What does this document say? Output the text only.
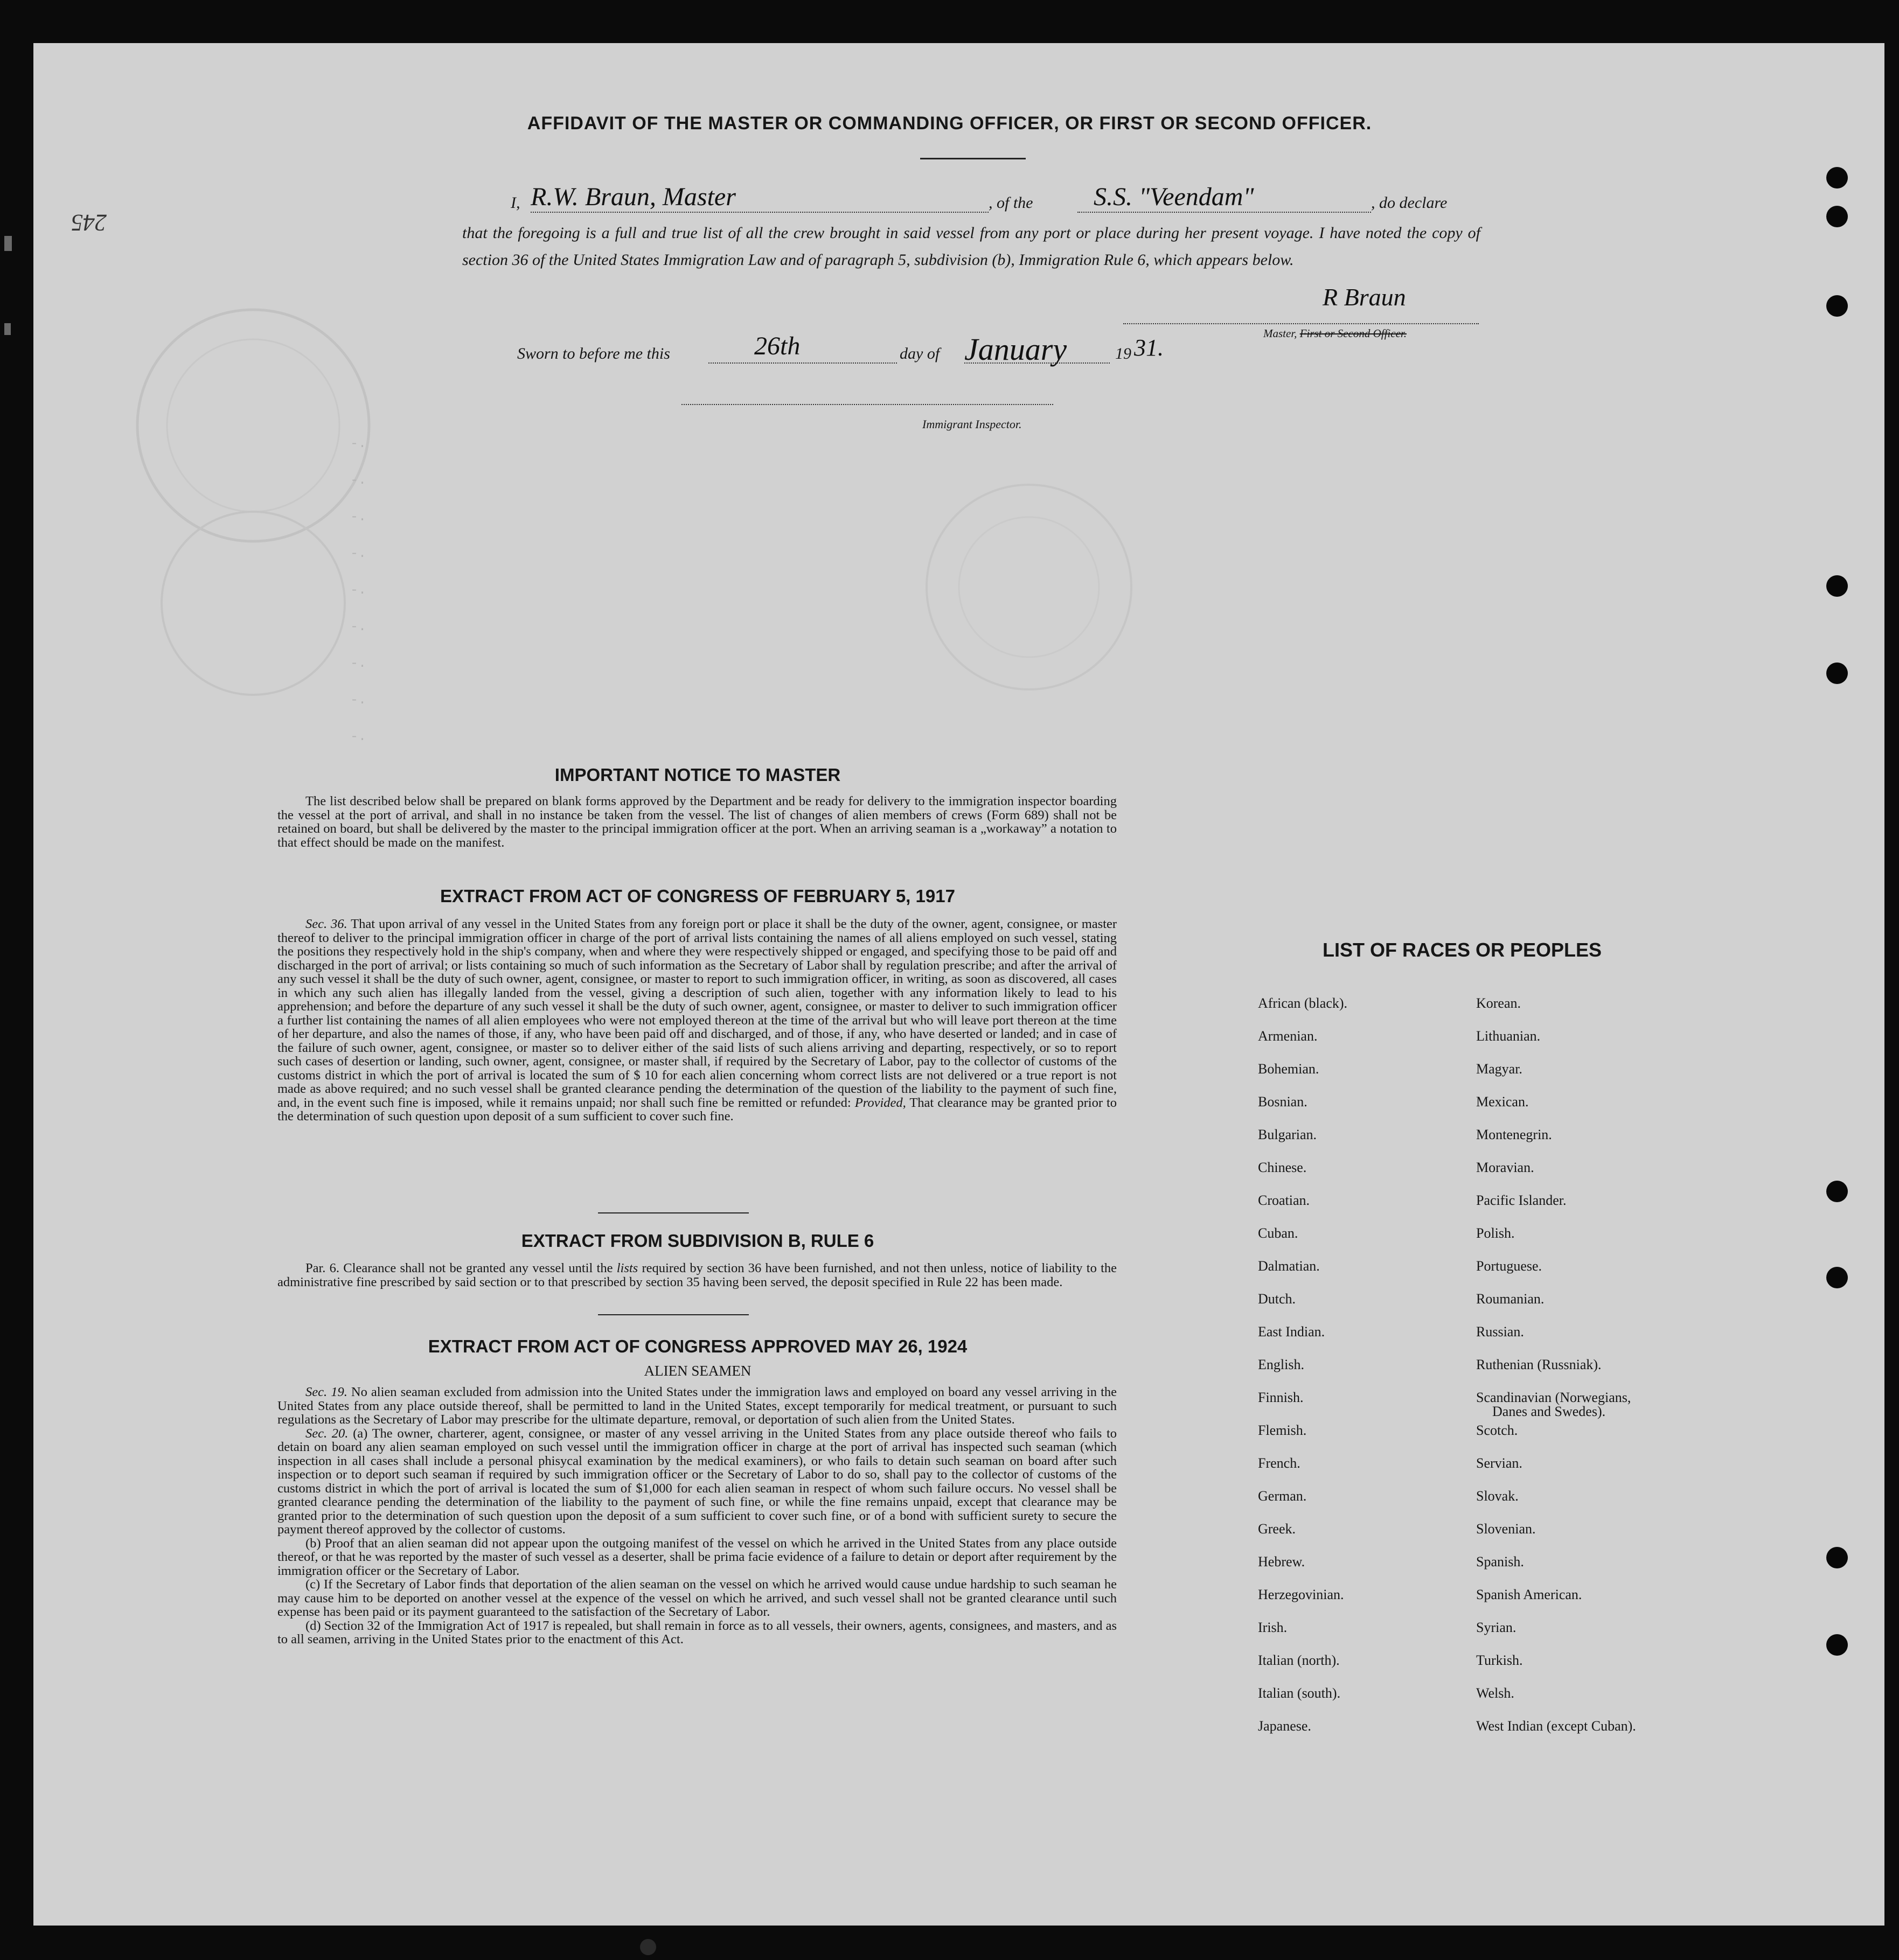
-.
-.
-.
-.
-.
-.
-.
-.
-.

AFFIDAVIT OF THE MASTER OR COMMANDING OFFICER, OR FIRST OR SECOND OFFICER.
I, R.W. Braun, Master	, of the S.S. "Veendam"	, do declare
that the foregoing is a full and true list of all the crew brought in said vessel from any port or place during her present voyage. I have noted the copy of section 36 of the United States Immigration Law and of paragraph 5, subdivision (b), Immigration Rule 6, which appears below.
R Braun
Master, First or Second Officer.
Sworn to before me this	26th	day of January	19 31.
Immigrant Inspector.
245
IMPORTANT NOTICE TO MASTER

The list described below shall be prepared on blank forms approved by the Department and be ready for delivery to the immigration inspector boarding the vessel at the port of arrival, and shall in no instance be taken from the vessel. The list of changes of alien members of crews (Form 689) shall not be retained on board, but shall be delivered by the master to the principal immigration officer at the port. When an arriving seaman is a „workaway” a notation to that effect should be made on the manifest.

EXTRACT FROM ACT OF CONGRESS OF FEBRUARY 5, 1917

Sec. 36. That upon arrival of any vessel in the United States from any foreign port or place it shall be the duty of the owner, agent, consignee, or master thereof to deliver to the principal immigration officer in charge of the port of arrival lists containing the names of all aliens employed on such vessel, stating the positions they respectively hold in the ship's company, when and where they were respectively shipped or engaged, and specifying those to be paid off and discharged in the port of arrival; or lists containing so much of such information as the Secretary of Labor shall by regulation prescribe; and after the arrival of any such vessel it shall be the duty of such owner, agent, consignee, or master to report to such immigration officer, in writing, as soon as discovered, all cases in which any such alien has illegally landed from the vessel, giving a description of such alien, together with any information likely to lead to his apprehension; and before the departure of any such vessel it shall be the duty of such owner, agent, consignee, or master to deliver to such immigration officer a further list containing the names of all alien employees who were not employed thereon at the time of the arrival but who will leave port thereon at the time of her departure, and also the names of those, if any, who have been paid off and discharged, and of those, if any, who have deserted or landed; and in case of the failure of such owner, agent, consignee, or master so to deliver either of the said lists of such aliens arriving and departing, respectively, or so to report such cases of desertion or landing, such owner, agent, consignee, or master shall, if required by the Secretary of Labor, pay to the collector of customs of the customs district in which the port of arrival is located the sum of $ 10 for each alien concerning whom correct lists are not delivered or a true report is not made as above required; and no such vessel shall be granted clearance pending the determination of the question of the liability to the payment of such fine, and, in the event such fine is imposed, while it remains unpaid; nor shall such fine be remitted or refunded: Provided, That clearance may be granted prior to the determination of such question upon deposit of a sum sufficient to cover such fine.

EXTRACT FROM SUBDIVISION B, RULE 6

Par. 6. Clearance shall not be granted any vessel until the lists required by section 36 have been furnished, and not then unless, notice of liability to the administrative fine prescribed by said section or to that prescribed by section 35 having been served, the deposit specified in Rule 22 has been made.

EXTRACT FROM ACT OF CONGRESS APPROVED MAY 26, 1924
ALIEN SEAMEN

Sec. 19. No alien seaman excluded from admission into the United States under the immigration laws and employed on board any vessel arriving in the United States from any place outside thereof, shall be permitted to land in the United States, except temporarily for medical treatment, or pursuant to such regulations as the Secretary of Labor may prescribe for the ultimate departure, removal, or deportation of such alien from the United States.

Sec. 20. (a) The owner, charterer, agent, consignee, or master of any vessel arriving in the United States from any place outside thereof who fails to detain on board any alien seaman employed on such vessel until the immigration officer in charge at the port of arrival has inspected such seaman (which inspection in all cases shall include a personal phisycal examination by the medical examiners), or who fails to detain such seaman on board after such inspection or to deport such seaman if required by such immigration officer or the Secretary of Labor to do so, shall pay to the collector of customs of the customs district in which the port of arrival is located the sum of $1,000 for each alien seaman in respect of whom such failure occurs. No vessel shall be granted clearance pending the determination of the liability to the payment of such fine, or while the fine remains unpaid, except that clearance may be granted prior to the determination of such question upon the deposit of a sum sufficient to cover such fine, or of a bond with sufficient surety to secure the payment thereof approved by the collector of customs.

(b) Proof that an alien seaman did not appear upon the outgoing manifest of the vessel on which he arrived in the United States from any place outside thereof, or that he was reported by the master of such vessel as a deserter, shall be prima facie evidence of a failure to detain or deport after requirement by the immigration officer or the Secretary of Labor.

(c) If the Secretary of Labor finds that deportation of the alien seaman on the vessel on which he arrived would cause undue hardship to such seaman he may cause him to be deported on another vessel at the expence of the vessel on which he arrived, and such vessel shall not be granted clearance until such expense has been paid or its payment guaranteed to the satisfaction of the Secretary of Labor.

(d) Section 32 of the Immigration Act of 1917 is repealed, but shall remain in force as to all vessels, their owners, agents, consignees, and masters, and as to all seamen, arriving in the United States prior to the enactment of this Act.

LIST OF RACES OR PEOPLES
African (black).
Armenian.
Bohemian.
Bosnian.
Bulgarian.
Chinese.
Croatian.
Cuban.
Dalmatian.
Dutch.
East Indian.
English.
Finnish.
Flemish.
French.
German.
Greek.
Hebrew.
Herzegovinian.
Irish.
Italian (north).
Italian (south).
Japanese.
Korean.
Lithuanian.
Magyar.
Mexican.
Montenegrin.
Moravian.
Pacific Islander.
Polish.
Portuguese.
Roumanian.
Russian.
Ruthenian (Russniak).
Scandinavian (Norwegians,
Danes and Swedes).
Scotch.
Servian.
Slovak.
Slovenian.
Spanish.
Spanish American.
Syrian.
Turkish.
Welsh.
West Indian (except Cuban).
